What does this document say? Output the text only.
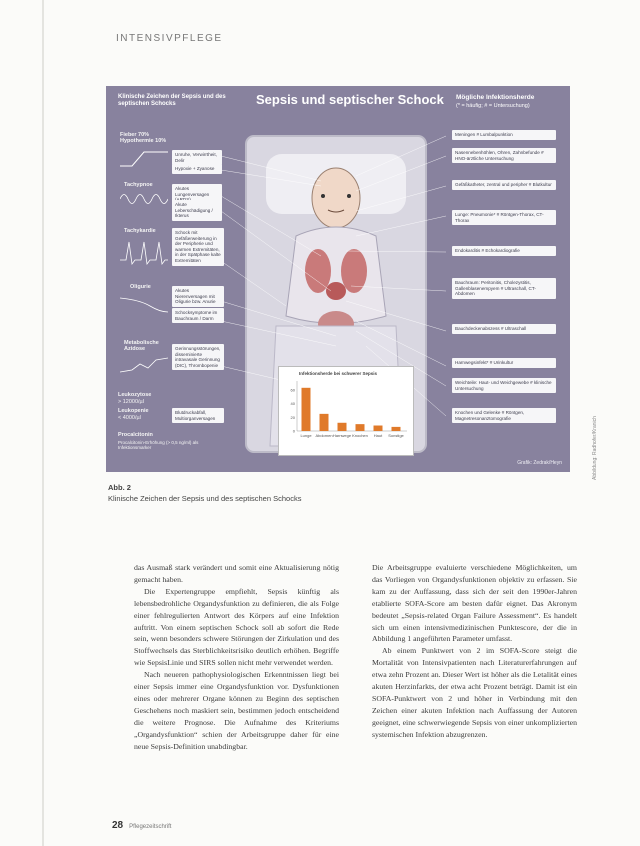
INTENSIVPFLEGE
Klinische Zeichen der Sepsis und des septischen Schocks	Sepsis und septischer Schock Mögliche Infektionsherde
(* = häufig; # = Untersuchung)
Fieber 70% Hypothermie 10%
Unruhe, Verwirrtheit, Delir
Hypoxie + Zyanose
Tachypnoe
Akutes Lungenversagen
Akute Leberschädigung / Ikterus
Tachykardie	Schock mit Gefäßerweiterung in der Peripherie und warmen Extremitäten, in der Spätphase kalte Extremitäten
Oligurie
Akutes Nierenversagen mit Oligurie bzw. Anurie
Schocksymptome im Bauchraum / Darm
Metabolische Azidose	Gerinnungsstörungen, disseminierte intravasale Gerinnung (DIC), Thrombopenie
Leukozytose
> 12000/µl
Leukopenie
< 4000/µl
Blutdruckabfall, Multiorganversagen
Procalcitonin
Procalcitonin-Erhöhung (> 0,5 ng/ml) als Infektionsmarker
Meningen # Lumbalpunktion
Nasennebenhöhlen, Ohren, Zahnbefunde # HNO-ärztliche Untersuchung
Gefäßkatheter, zentral und peripher # Blutkultur
Lunge: Pneumonie* # Röntgen-Thorax, CT-Thorax
Endokarditis # Echokardiografie
Bauchraum: Peritonitis, Cholezystitis, Gallenblasenempyem # Ultraschall, CT-Abdomen
Bauchdeckenabszess # Ultraschall
Harnwegsinfekt* # Urinkultur
Weichteile: Haut- und Weichgewebe # klinische Untersuchung
Knochen und Gelenke # Röntgen, Magnetresonanztomografie
Infektionsherde bei schwerer Sepsis
Lunge Abdomen Harnwege Knochen Haut Sonstige
0
20
40
60
Grafik: Zedrak/Heyn
Abb. 2
Klinische Zeichen der Sepsis und des septischen Schocks
Abbildung: Radhofer/Kranich

das Ausmaß stark verändert und somit eine Aktualisierung nötig gemacht haben.

Die Expertengruppe empfiehlt, Sepsis künftig als lebensbedrohliche Organdysfunktion zu definieren, die als Folge einer fehlregulierten Antwort des Körpers auf eine Infektion auftritt. Von einem septischen Schock soll ab sofort die Rede sein, wenn besonders schwere Störungen der Zirkulation und des Stoffwechsels das Sterblichkeitsrisiko deutlich erhöhen. Begriffe wie SepsisLinie und SIRS sollen nicht mehr verwendet werden.

Nach neueren pathophysiologischen Erkenntnissen liegt bei einer Sepsis immer eine Organdysfunktion vor. Dysfunktionen eines oder mehrerer Organe können zu Beginn des septischen Geschehens noch maskiert sein, bestimmen jedoch entscheidend die weitere Prognose. Die Aufnahme des Kriteriums „Organdysfunktion“ schien der Arbeitsgruppe daher für eine neue Sepsis-Definition unabdingbar.

Die Arbeitsgruppe evaluierte verschiedene Möglichkeiten, um das Vorliegen von Organdysfunktionen objektiv zu erfassen. Sie kam zu der Auffassung, dass sich der seit den 1990er-Jahren etablierte SOFA-Score am besten dafür eignet. Das Akronym bedeutet „Sepsis-related Organ Failure Assessment“. Es handelt sich um einen intensivmedizinischen Punktescore, der die in Abbildung 1 angeführten Parameter umfasst.

Ab einem Punktwert von 2 im SOFA-Score steigt die Mortalität von Intensivpatienten nach Literaturerfahrungen auf etwa zehn Prozent an. Dieser Wert ist höher als die Letalität eines akuten Herzinfarkts, der etwa acht Prozent beträgt. Damit ist ein SOFA-Punktwert von 2 und höher in Verbindung mit den Zeichen einer akuten Infektion nach Auffassung der Autoren geeignet, eine schwerwiegende Sepsis von einer unkomplizierten systemischen Infektion abzugrenzen.

28 Pflegezeitschrift
